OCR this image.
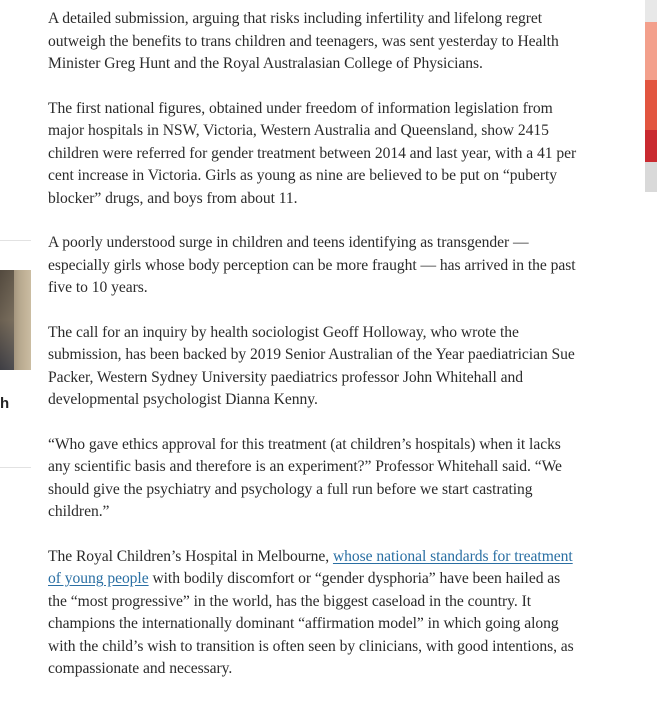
h

A detailed submission, arguing that risks including infertility and lifelong regret outweigh the benefits to trans children and teenagers, was sent yesterday to Health Minister Greg Hunt and the Royal Australasian College of Physicians.

The first national figures, obtained under freedom of information legislation from major hospitals in NSW, Victoria, Western Australia and Queensland, show 2415 children were referred for gender treatment between 2014 and last year, with a 41 per cent increase in Victoria. Girls as young as nine are believed to be put on “puberty blocker” drugs, and boys from about 11.

A poorly understood surge in children and teens identifying as transgender — especially girls whose body perception can be more fraught — has arrived in the past five to 10 years.

The call for an inquiry by health sociologist Geoff Holloway, who wrote the submission, has been backed by 2019 Senior Australian of the Year paediatrician Sue Packer, Western Sydney University paediatrics professor John Whitehall and developmental psychologist Dianna Kenny.

“Who gave ethics approval for this treatment (at children’s hospitals) when it lacks any scientific basis and therefore is an experiment?” Professor Whitehall said. “We should give the psychiatry and psychology a full run before we start castrating children.”

The Royal Children’s Hospital in Melbourne, whose national standards for treatment of young people with bodily discomfort or “gender dysphoria” have been hailed as the “most progressive” in the world, has the biggest caseload in the country. It champions the internationally dominant “affirmation model” in which going along with the child’s wish to transition is often seen by clinicians, with good intentions, as compassionate and necessary.
